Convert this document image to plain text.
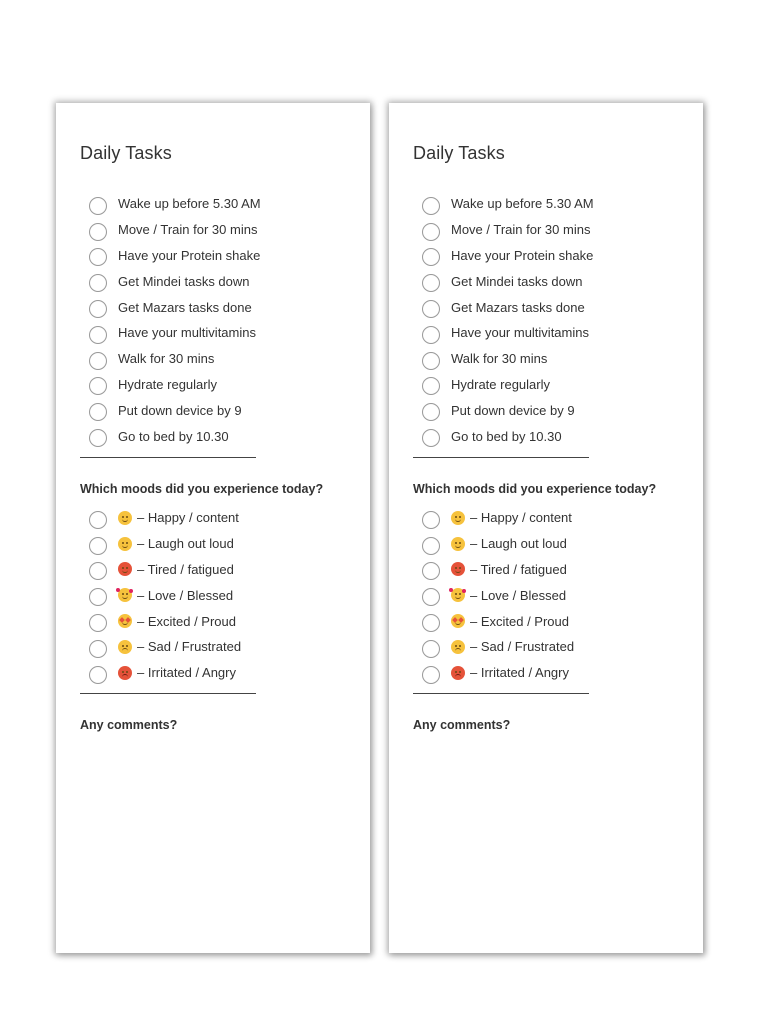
Daily Tasks
Wake up before 5.30 AM
Move / Train for 30 mins
Have your Protein shake
Get Mindei tasks down
Get Mazars tasks done
Have your multivitamins
Walk for 30 mins
Hydrate regularly
Put down device by 9
Go to bed by 10.30

Which moods did you experience today?

– Happy / content
– Laugh out loud
– Tired / fatigued
– Love / Blessed
– Excited / Proud
– Sad / Frustrated
– Irritated / Angry

Any comments?

Daily Tasks
Wake up before 5.30 AM
Move / Train for 30 mins
Have your Protein shake
Get Mindei tasks down
Get Mazars tasks done
Have your multivitamins
Walk for 30 mins
Hydrate regularly
Put down device by 9
Go to bed by 10.30

Which moods did you experience today?

– Happy / content
– Laugh out loud
– Tired / fatigued
– Love / Blessed
– Excited / Proud
– Sad / Frustrated
– Irritated / Angry

Any comments?
